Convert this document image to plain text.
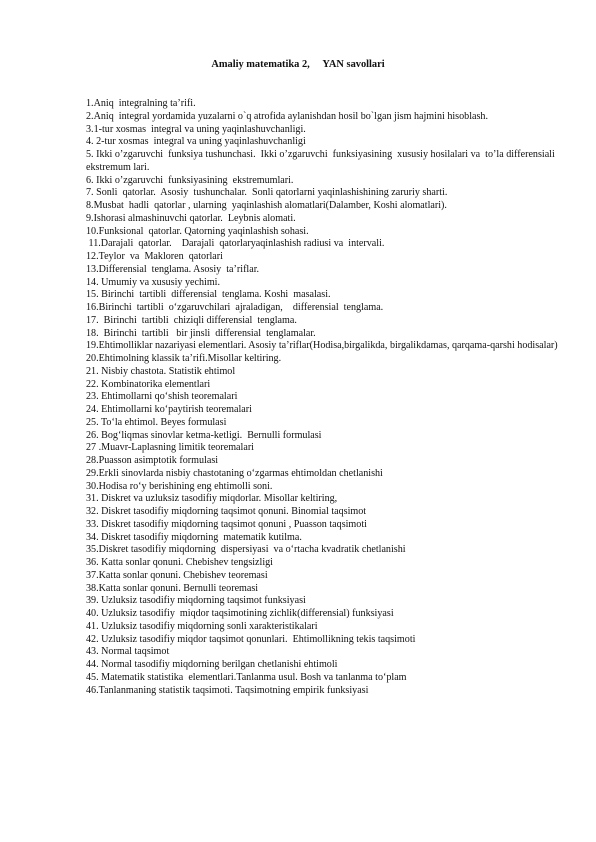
Amaliy matematika 2,     YAN savollari
1.Aniq  integralning ta’rifi.
2.Aniq  integral yordamida yuzalarni o`q atrofida aylanishdan hosil bo`lgan jism hajmini hisoblash.
3.1-tur xosmas  integral va uning yaqinlashuvchanligi.
4. 2-tur xosmas  integral va uning yaqinlashuvchanligi
5. Ikki o’zgaruvchi  funksiya tushunchasi.  Ikki o’zgaruvchi  funksiyasining  xususiy hosilalari va  to’la differensiali    ekstremum lari.
6. Ikki o’zgaruvchi  funksiyasining  ekstremumlari.
7. Sonli  qatorlar.  Asosiy  tushunchalar.  Sonli qatorlarni yaqinlashishining zaruriy sharti.
8.Musbat  hadli  qatorlar , ularning  yaqinlashish alomatlari(Dalamber, Koshi alomatlari).
9.Ishorasi almashinuvchi qatorlar.  Leybnis alomati.
10.Funksional  qatorlar. Qatorning yaqinlashish sohasi.
11.Darajali  qatorlar.    Darajali  qatorlaryaqinlashish radiusi va  intervali.
12.Teylor  va  Makloren  qatorlari
13.Differensial  tenglama. Asosiy  ta’riflar.
14. Umumiy va xususiy yechimi.
15. Birinchi  tartibli  differensial  tenglama. Koshi  masalasi.
16.Birinchi  tartibli  o‘zgaruvchilari  ajraladigan,    differensial  tenglama.
17.  Birinchi  tartibli  chiziqli differensial  tenglama.
18.  Birinchi  tartibli   bir jinsli  differensial  tenglamalar.
19.Ehtimolliklar nazariyasi elementlari. Asosiy ta’riflar(Hodisa,birgalikda, birgalikdamas, qarqama-qarshi hodisalar)
20.Ehtimolning klassik ta’rifi.Misollar keltiring.
21. Nisbiy chastota. Statistik ehtimol
22. Kombinatorika elementlari
23. Ehtimollarni qo‘shish teoremalari
24. Ehtimollarni ko‘paytirish teoremalari
25. To‘la ehtimol. Beyes formulasi
26. Bog‘liqmas sinovlar ketma-ketligi.  Bernulli formulasi
27 .Muavr-Laplasning limitik teoremalari
28.Puasson asimptotik formulasi
29.Erkli sinovlarda nisbiy chastotaning o‘zgarmas ehtimoldan chetlanishi
30.Hodisa ro‘y berishining eng ehtimolli soni.
31. Diskret va uzluksiz tasodifiy miqdorlar. Misollar keltiring,
32. Diskret tasodifiy miqdorning taqsimot qonuni. Binomial taqsimot
33. Diskret tasodifiy miqdorning taqsimot qonuni , Puasson taqsimoti
34. Diskret tasodifiy miqdorning  matematik kutilma.
35.Diskret tasodifiy miqdorning  dispersiyasi  va o‘rtacha kvadratik chetlanishi
36. Katta sonlar qonuni. Chebishev tengsizligi
37.Katta sonlar qonuni. Chebishev teoremasi
38.Katta sonlar qonuni. Bernulli teoremasi
39. Uzluksiz tasodifiy miqdorning taqsimot funksiyasi
40. Uzluksiz tasodifiy  miqdor taqsimotining zichlik(differensial) funksiyasi
41. Uzluksiz tasodifiy miqdorning sonli xarakteristikalari
42. Uzluksiz tasodifiy miqdor taqsimot qonunlari.  Ehtimollikning tekis taqsimoti
43. Normal taqsimot
44. Normal tasodifiy miqdorning berilgan chetlanishi ehtimoli
45. Matematik statistika  elementlari.Tanlanma usul. Bosh va tanlanma to‘plam
46.Tanlanmaning statistik taqsimoti. Taqsimotning empirik funksiyasi
